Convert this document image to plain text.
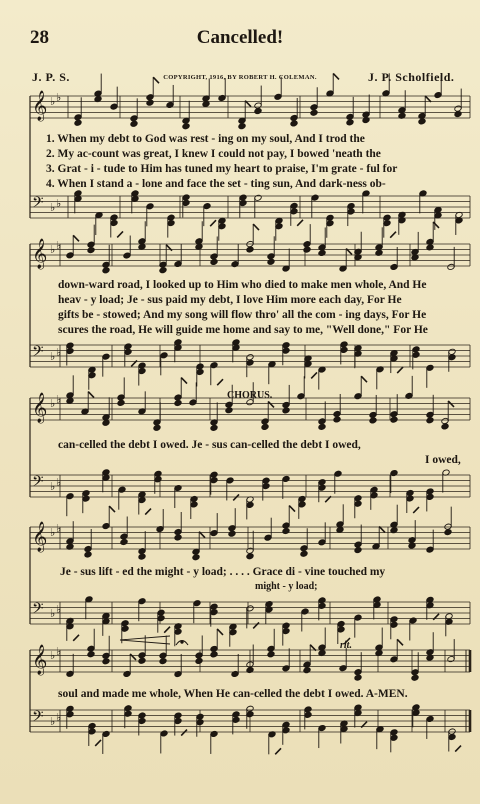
28	Cancelled!
J. P. S.	COPYRIGHT, 1916, BY ROBERT H. COLEMAN.	J. P. Scholfield.
𝄞 ♭ ♭
𝄢 ♭ ♭
𝄞 ♭ ♭
𝄢 ♭ ♭
𝄞 ♭ ♭
𝄢 ♭ ♭
𝄞 ♭ ♭
𝄢 ♭ ♭
𝄞 ♭ ♭
𝄢 ♭ ♭
1. When my debt to God was rest - ing on my soul, And I trod the
2. My ac-count was great, I knew I could not pay, I bowed 'neath the
3. Grat - i - tude to Him has tuned my heart to praise, I'm grate - ful for
4. When I stand a - lone and face the set - ting sun, And dark-ness ob-
down-ward road, I looked up to Him who died to make men whole, And He
heav - y load; Je - sus paid my debt, I love Him more each day, For He
gifts be - stowed; And my song will flow thro' all the com - ing days, For He
scures the road, He will guide me home and say to me, "Well done," For He
CHORUS.
can-celled the debt I owed. Je - sus can-celled the debt I owed,
I owed,
Je - sus lift - ed the might - y load; . . . . Grace di - vine touched my
might - y load;
rit.
soul and made me whole, When He can-celled the debt I owed. A-MEN.
